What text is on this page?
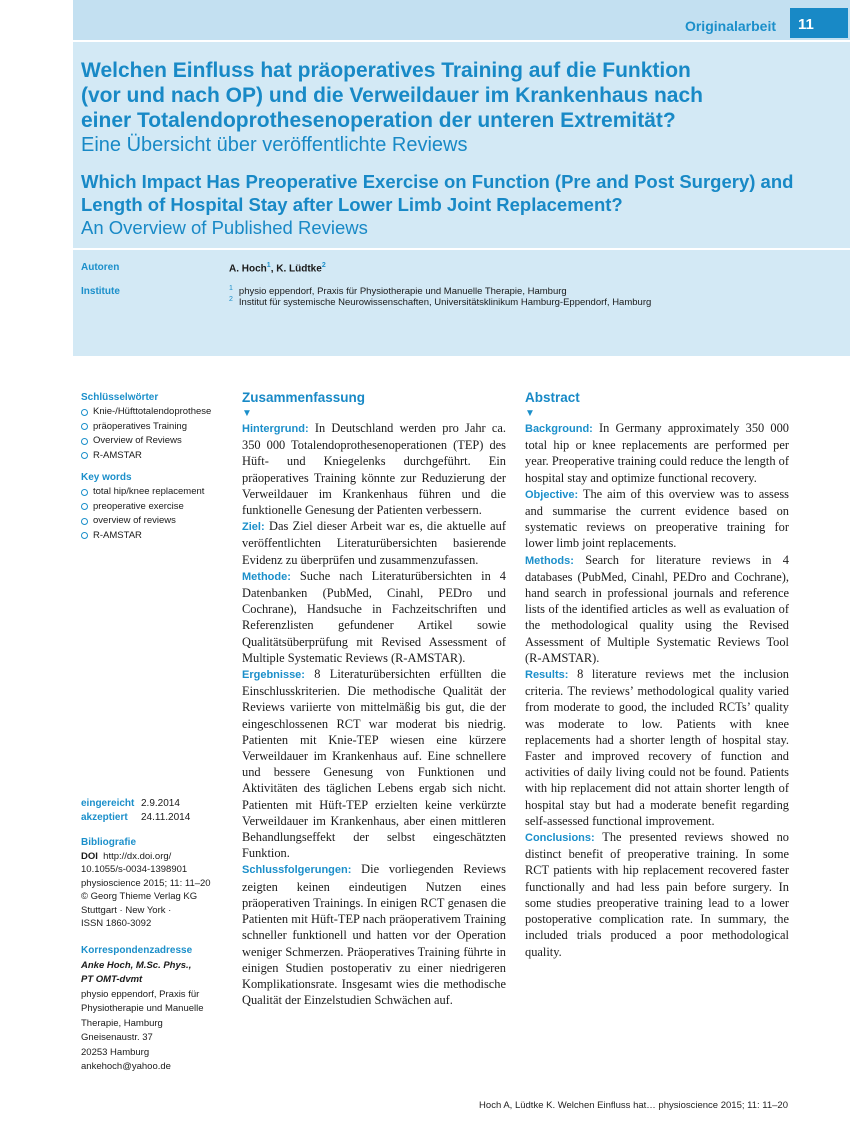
Originalarbeit	11
Welchen Einfluss hat präoperatives Training auf die Funktion
(vor und nach OP) und die Verweildauer im Krankenhaus nach
einer Totalendoprothesenoperation der unteren Extremität?
Eine Übersicht über veröffentlichte Reviews
Which Impact Has Preoperative Exercise on Function (Pre and Post Surgery) and
Length of Hospital Stay after Lower Limb Joint Replacement?
An Overview of Published Reviews
Autoren
Institute
A. Hoch$^1$, K. Lüdtke$^2$
$^1$ physio eppendorf, Praxis für Physiotherapie und Manuelle Therapie, Hamburg
$^2$ Institut für systemische Neurowissenschaften, Universitätsklinikum Hamburg-Eppendorf, Hamburg
Schlüsselwörter
Knie-/Hüfttotalendoprothese
präoperatives Training
Overview of Reviews
R-AMSTAR
Key words
total hip/knee replacement
preoperative exercise
overview of reviews
R-AMSTAR
eingereicht 2.9.2014
akzeptiert 24.11.2014
Bibliografie
DOI http://dx.doi.org/
10.1055/s-0034-1398901
physioscience 2015; 11: 11–20
© Georg Thieme Verlag KG
Stuttgart · New York ·
ISSN 1860-3092
Korrespondenzadresse
Anke Hoch, M.Sc. Phys.,
PT OMT-dvmt
physio eppendorf, Praxis für
Physiotherapie und Manuelle
Therapie, Hamburg
Gneisenaustr. 37
20253 Hamburg
ankehoch@yahoo.de
Zusammenfassung
▼
Hintergrund: In Deutschland werden pro Jahr ca. 350 000 Totalendoprothesenoperationen (TEP) des Hüft- und Kniegelenks durchgeführt. Ein präoperatives Training könnte zur Reduzierung der Verweildauer im Krankenhaus führen und die funktionelle Genesung der Patienten verbessern.
Ziel: Das Ziel dieser Arbeit war es, die aktuelle auf veröffentlichten Literaturübersichten basierende Evidenz zu überprüfen und zusammenzufassen.
Methode: Suche nach Literaturübersichten in 4 Datenbanken (PubMed, Cinahl, PEDro und Cochrane), Handsuche in Fachzeitschriften und Referenzlisten gefundener Artikel sowie Qualitätsüberprüfung mit Revised Assessment of Multiple Systematic Reviews (R-AMSTAR).
Ergebnisse: 8 Literaturübersichten erfüllten die Einschlusskriterien. Die methodische Qualität der Reviews variierte von mittelmäßig bis gut, die der eingeschlossenen RCT war moderat bis niedrig. Patienten mit Knie-TEP wiesen eine kürzere Verweildauer im Krankenhaus auf. Eine schnellere und bessere Genesung von Funktionen und Aktivitäten des täglichen Lebens ergab sich nicht. Patienten mit Hüft-TEP erzielten keine verkürzte Verweildauer im Krankenhaus, aber einen mittleren Behandlungseffekt der selbst eingeschätzten Funktion.
Schlussfolgerungen: Die vorliegenden Reviews zeigten keinen eindeutigen Nutzen eines präoperativen Trainings. In einigen RCT genasen die Patienten mit Hüft-TEP nach präoperativem Training schneller funktionell und hatten vor der Operation weniger Schmerzen. Präoperatives Training führte in einigen Studien postoperativ zu einer niedrigeren Komplikationsrate. Insgesamt wies die methodische Qualität der Einzelstudien Schwächen auf.
Abstract
▼
Background: In Germany approximately 350 000 total hip or knee replacements are performed per year. Preoperative training could reduce the length of hospital stay and optimize functional recovery.
Objective: The aim of this overview was to assess and summarise the current evidence based on systematic reviews on preoperative training for lower limb joint replacements.
Methods: Search for literature reviews in 4 databases (PubMed, Cinahl, PEDro and Cochrane), hand search in professional journals and reference lists of the identified articles as well as evaluation of the methodological quality using the Revised Assessment of Multiple Systematic Reviews Tool (R-AMSTAR).
Results: 8 literature reviews met the inclusion criteria. The reviews’ methodological quality varied from moderate to good, the included RCTs’ quality was moderate to low. Patients with knee replacements had a shorter length of hospital stay. Faster and improved recovery of function and activities of daily living could not be found. Patients with hip replacement did not attain shorter length of hospital stay but had a moderate benefit regarding self-assessed functional improvement.
Conclusions: The presented reviews showed no distinct benefit of preoperative training. In some RCT patients with hip replacement recovered faster functionally and had less pain before surgery. In some studies preoperative training lead to a lower postoperative complication rate. In summary, the included trials produced a poor methodological quality.
Hoch A, Lüdtke K. Welchen Einfluss hat… physioscience 2015; 11: 11–20
